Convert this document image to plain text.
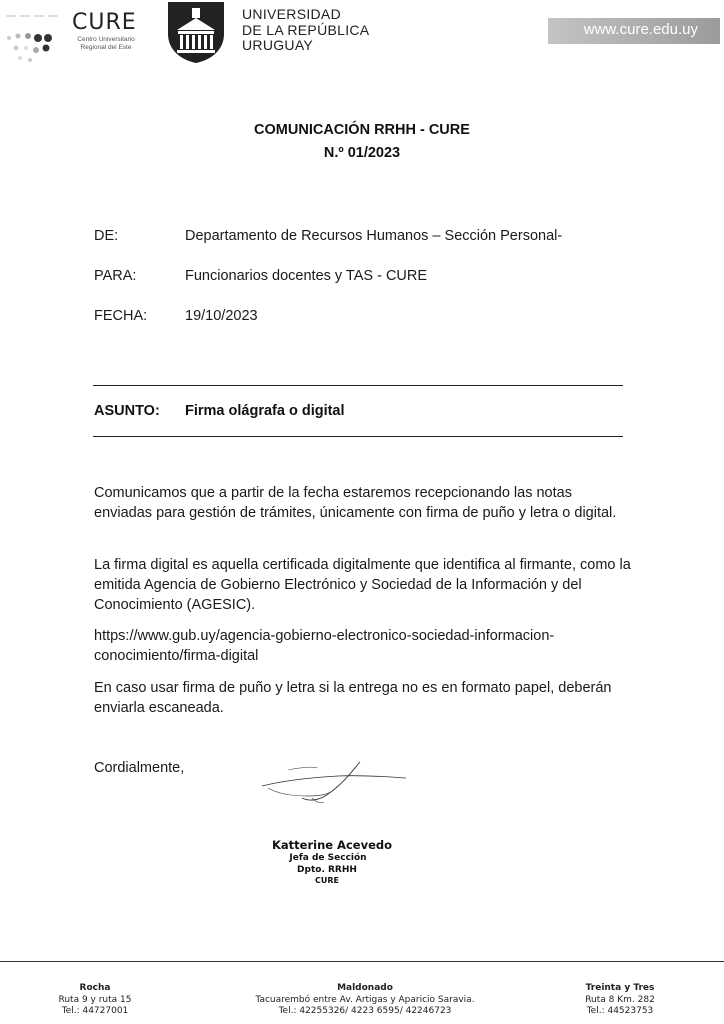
CURE
Centro Universitario
Regional del Este
UNIVERSIDAD
DE LA REPÚBLICA
URUGUAY
www.cure.edu.uy
COMUNICACIÓN RRHH - CURE
N.º 01/2023
DE:	Departamento de Recursos Humanos – Sección Personal-
PARA:	Funcionarios docentes y TAS - CURE
FECHA:	19/10/2023
ASUNTO: Firma olágrafa o digital
Comunicamos que a partir de la fecha estaremos recepcionando las notas enviadas para gestión de trámites, únicamente con firma de puño y letra o digital.
La firma digital es aquella certificada digitalmente que identifica al firmante, como la emitida Agencia de Gobierno Electrónico y Sociedad de la Información y del Conocimiento (AGESIC).
https://www.gub.uy/agencia-gobierno-electronico-sociedad-informacion-conocimiento/firma-digital
En caso usar firma de puño y letra si la entrega no es en formato papel, deberán enviarla escaneada.
Cordialmente,
Katterine Acevedo
Jefa de Sección
Dpto. RRHH
CURE
Rocha
Ruta 9 y ruta 15
Tel.: 44727001
Maldonado
Tacuarembó entre Av. Artigas y Aparicio Saravia.
Tel.: 42255326/ 4223 6595/ 42246723
Treinta y Tres
Ruta 8 Km. 282
Tel.: 44523753
